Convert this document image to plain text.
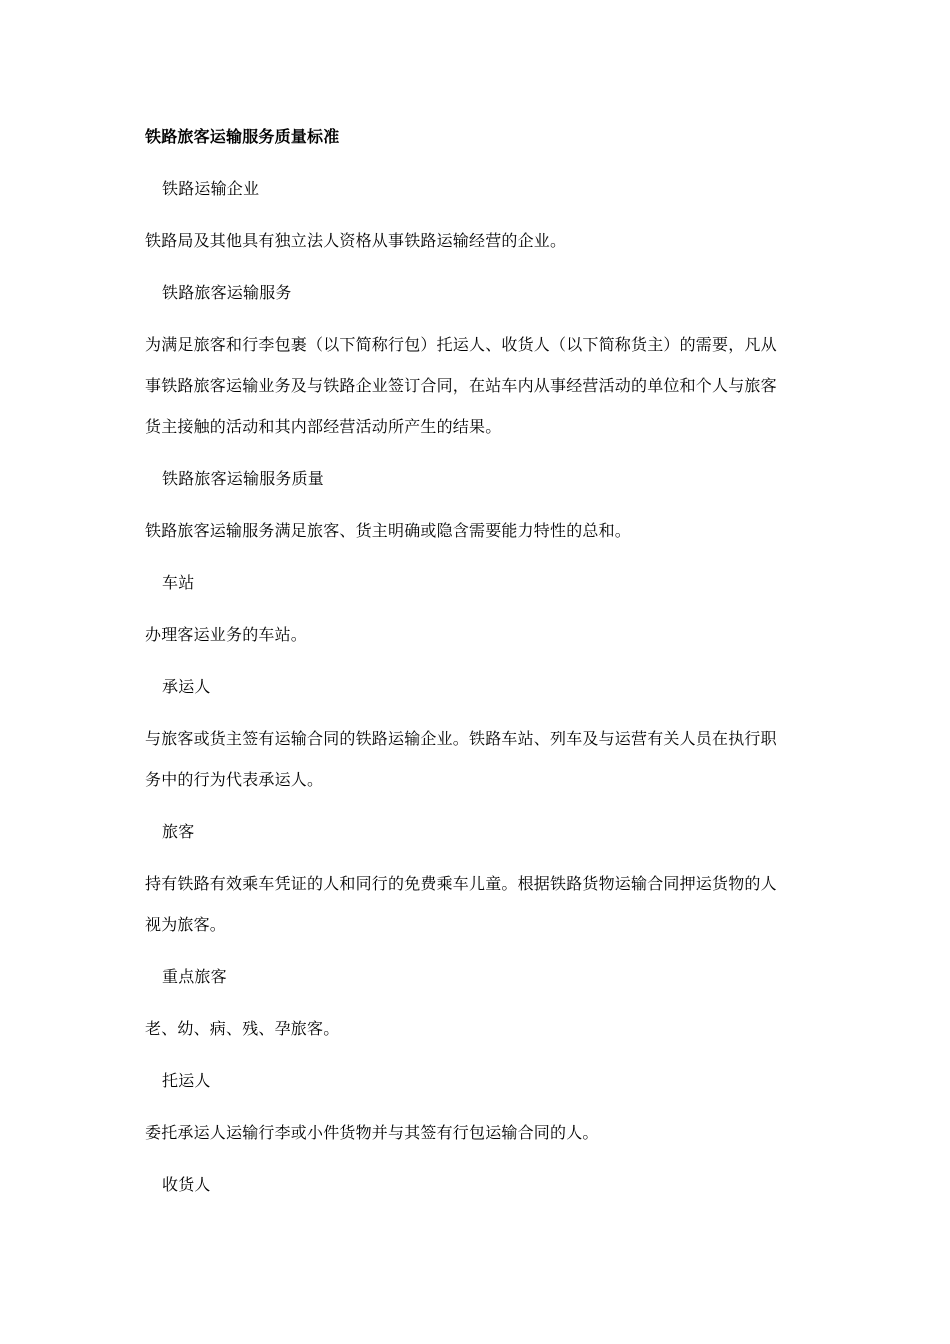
铁路旅客运输服务质量标准
铁路运输企业
铁路局及其他具有独立法人资格从事铁路运输经营的企业。
铁路旅客运输服务
为满足旅客和行李包裹（以下简称行包）托运人、收货人（以下简称货主）的需要，凡从
事铁路旅客运输业务及与铁路企业签订合同，在站车内从事经营活动的单位和个人与旅客
货主接触的活动和其内部经营活动所产生的结果。
铁路旅客运输服务质量
铁路旅客运输服务满足旅客、货主明确或隐含需要能力特性的总和。
车站
办理客运业务的车站。
承运人
与旅客或货主签有运输合同的铁路运输企业。铁路车站、列车及与运营有关人员在执行职
务中的行为代表承运人。
旅客
持有铁路有效乘车凭证的人和同行的免费乘车儿童。根据铁路货物运输合同押运货物的人
视为旅客。
重点旅客
老、幼、病、残、孕旅客。
托运人
委托承运人运输行李或小件货物并与其签有行包运输合同的人。
收货人
